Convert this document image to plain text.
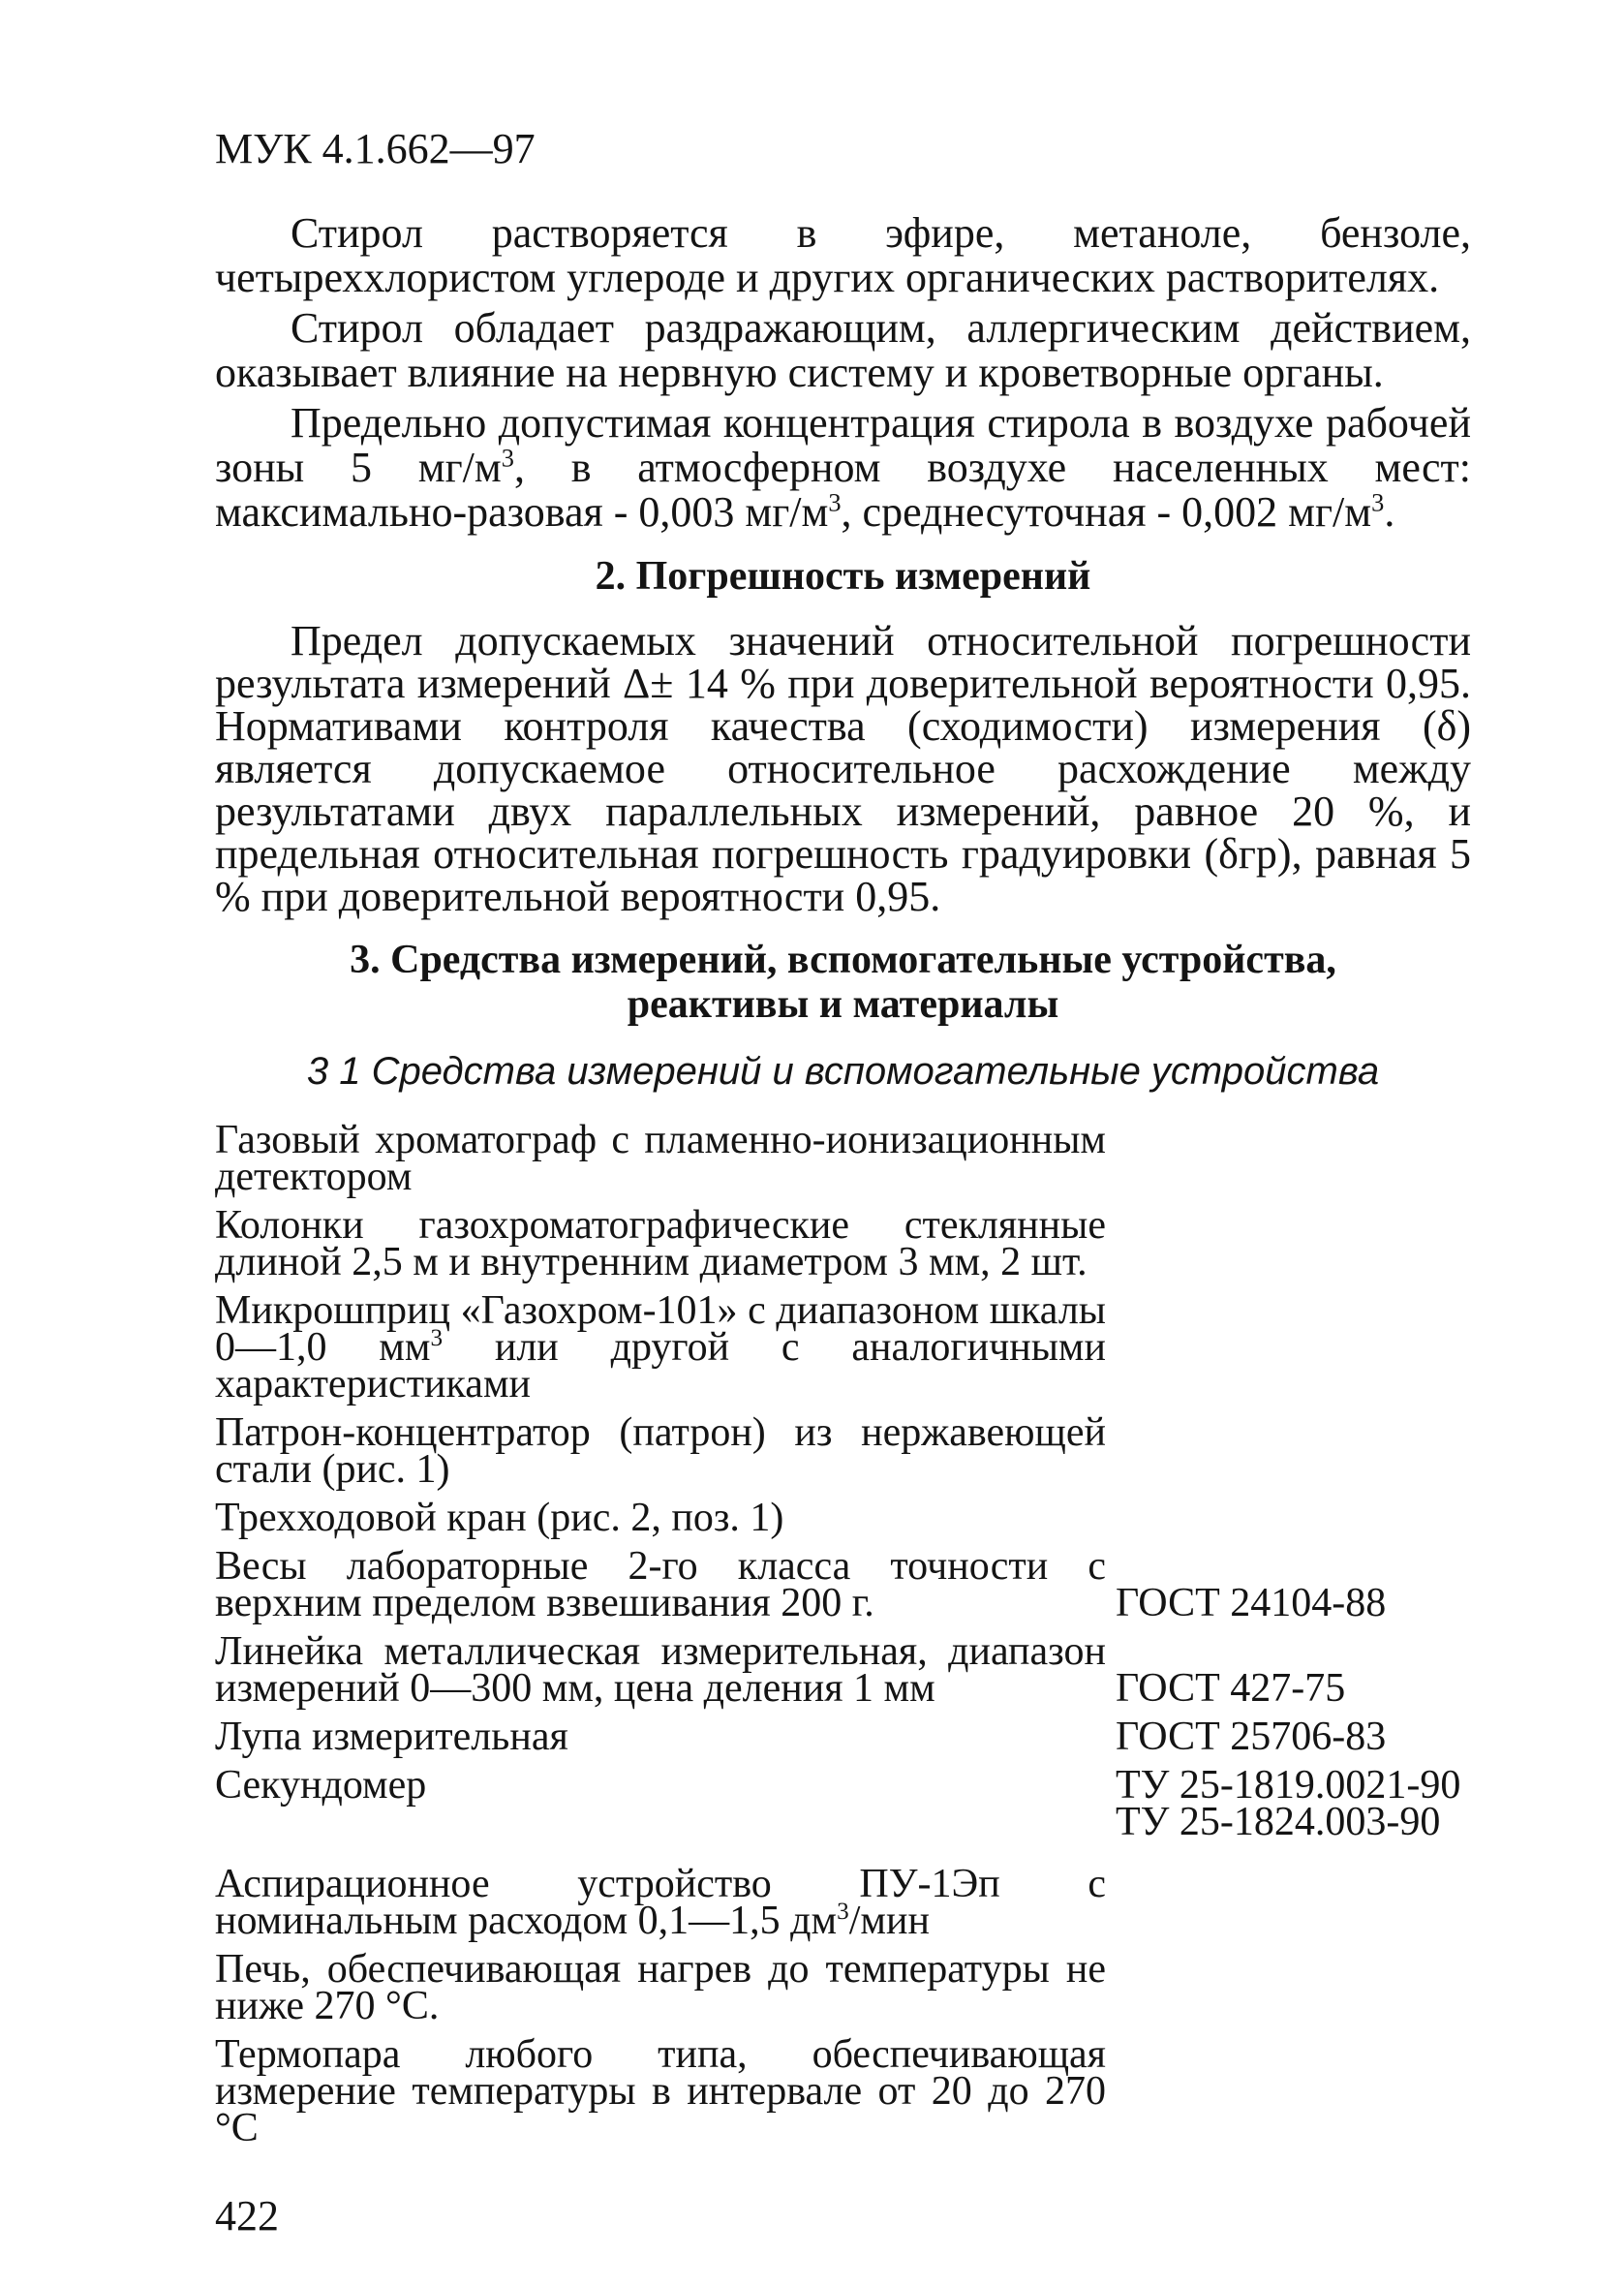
МУК 4.1.662—97

Стирол растворяется в эфире, метаноле, бензоле, четыреххлористом углероде и других органических растворителях.

Стирол обладает раздражающим, аллергическим действием, оказывает влияние на нервную систему и кроветворные органы.

Предельно допустимая концентрация стирола в воздухе рабочей зоны 5 $мг/м^3$, в атмосферном воздухе населенных мест: максимально-разовая - 0,003 $мг/м^3$, среднесуточная - 0,002 $мг/м^3$.

2. Погрешность измерений

Предел допускаемых значений относительной погрешности результата измерений Δ± 14 % при доверительной вероятности 0,95. Нормативами контроля качества (сходимости) измерения (δ) является допускаемое относительное расхождение между результатами двух параллельных измерений, равное 20 %, и предельная относительная погрешность градуировки (δгр), равная 5 % при доверительной вероятности 0,95.

3. Средства измерений, вспомогательные устройства,
реактивы и материалы
3 1 Средства измерений и вспомогательные устройства
Газовый хроматограф с пламенно-ионизационным детектором
Колонки газохроматографические стеклянные длиной 2,5 м и внутренним диаметром 3 мм, 2 шт.
Микрошприц «Газохром-101» с диапазоном шкалы 0—1,0 $мм^3$ или другой с аналогичными характеристиками
Патрон-концентратор (патрон) из нержавеющей стали (рис. 1)
Трехходовой кран (рис. 2, поз. 1)
Весы лабораторные 2-го класса точности с верхним пределом взвешивания 200 г.	ГОСТ 24104-88
Линейка металлическая измерительная, диапазон измерений 0—300 мм, цена деления 1 мм	ГОСТ 427-75
Лупа измерительная	ГОСТ 25706-83
Секундомер	ТУ 25-1819.0021-90
ТУ 25-1824.003-90
Аспирационное устройство ПУ-1Эп с номинальным расходом 0,1—1,5 $дм^3$/мин
Печь, обеспечивающая нагрев до температуры не ниже 270 °С.
Термопара любого типа, обеспечивающая измерение температуры в интервале от 20 до 270 °С
422
